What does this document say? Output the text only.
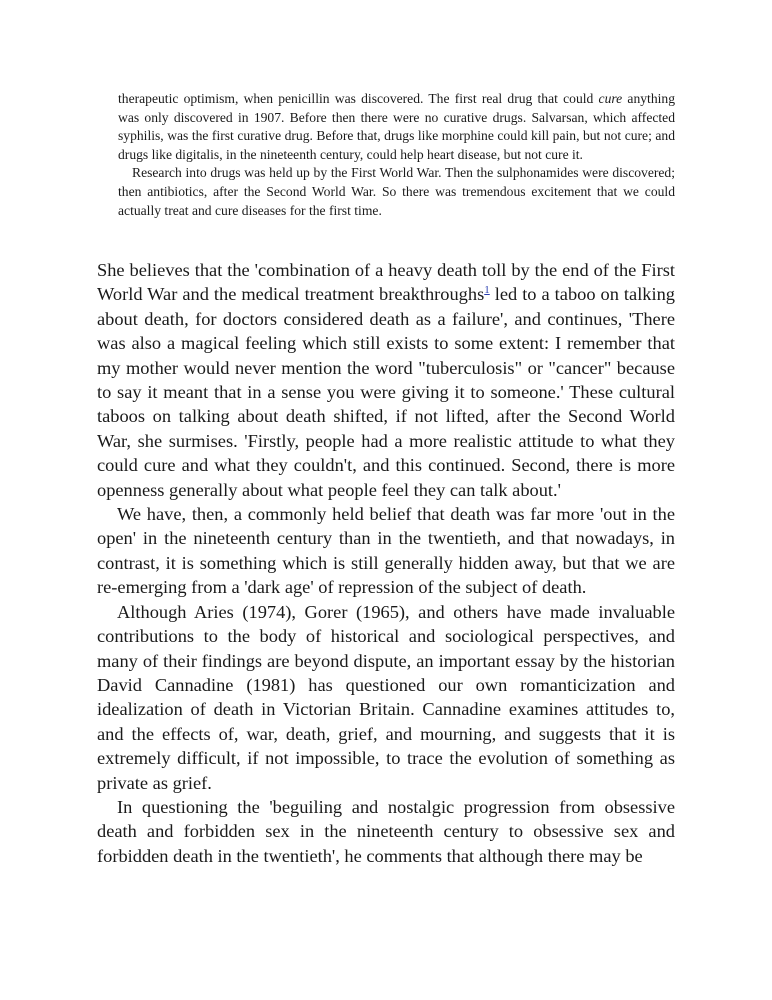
therapeutic optimism, when penicillin was discovered. The first real drug that could cure anything was only discovered in 1907. Before then there were no curative drugs. Salvarsan, which affected syphilis, was the first curative drug. Before that, drugs like morphine could kill pain, but not cure; and drugs like digitalis, in the nineteenth century, could help heart disease, but not cure it.

Research into drugs was held up by the First World War. Then the sulphonamides were discovered; then antibiotics, after the Second World War. So there was tremendous excitement that we could actually treat and cure diseases for the first time.

She believes that the 'combination of a heavy death toll by the end of the First World War and the medical treatment breakthroughs$^1$ led to a taboo on talking about death, for doctors considered death as a failure', and continues, 'There was also a magical feeling which still exists to some extent: I remember that my mother would never mention the word "tuberculosis" or "cancer" because to say it meant that in a sense you were giving it to someone.' These cultural taboos on talking about death shifted, if not lifted, after the Second World War, she surmises. 'Firstly, people had a more realistic attitude to what they could cure and what they couldn't, and this continued. Second, there is more openness generally about what people feel they can talk about.'

We have, then, a commonly held belief that death was far more 'out in the open' in the nineteenth century than in the twentieth, and that nowadays, in contrast, it is something which is still generally hidden away, but that we are re-emerging from a 'dark age' of repression of the subject of death.

Although Aries (1974), Gorer (1965), and others have made invaluable contributions to the body of historical and sociological perspectives, and many of their findings are beyond dispute, an important essay by the historian David Cannadine (1981) has questioned our own romanticization and idealization of death in Victorian Britain. Cannadine examines attitudes to, and the effects of, war, death, grief, and mourning, and suggests that it is extremely difficult, if not impossible, to trace the evolution of something as private as grief.

In questioning the 'beguiling and nostalgic progression from obsessive death and forbidden sex in the nineteenth century to obsessive sex and forbidden death in the twentieth', he comments that although there may be
